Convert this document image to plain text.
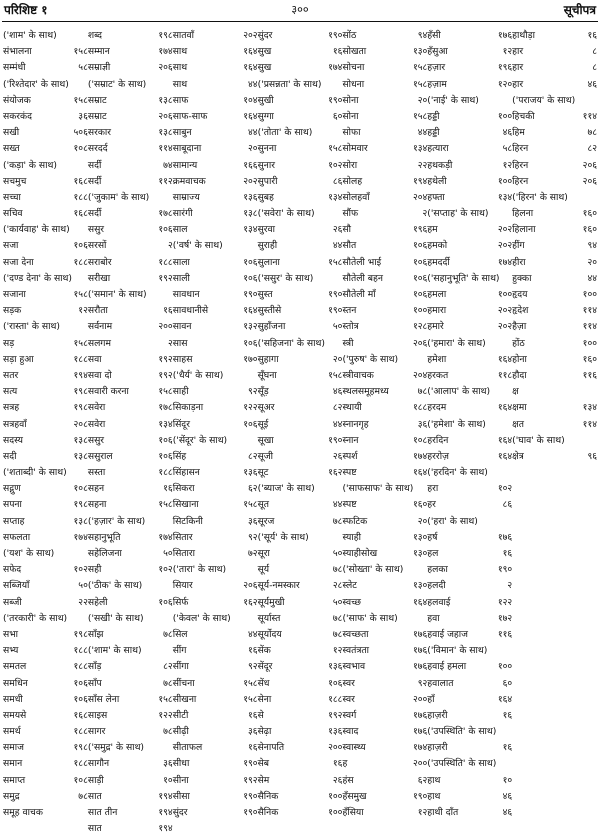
परिशिष्ट १	३००	सूचीपत्र
('शाम' के साथ)
संभालना	१५८
सम्मंधी	५८
('रिश्तेदार' के साथ)
संयोजक	१५८
सकरकंद	३६
सखी	५०६
सख्त	१०८
('कड़ा' के साथ)
सचमुच	१६८
सच्चा	१८८
सचिव	१६८
('कार्यवाह' के साथ)
सजा	१०६
सजा देना	१८८
('दण्ड देना' के साथ)
सजाना	१५८
सड़क	१२
('रास्ता' के साथ)
सड़	१५८
सड़ा हुआ	१८८
सतर	१९४
सत्य	१९८
सत्रह	१९८
सत्रहवाँ	२०८
सदस्य	१३८
सदी	१३८
('शताब्दी' के साथ)
सद्गुण	१०८
सपना	१९८
सप्ताह	१३८
सफलता	१७४
('यश' के साथ)
सफेद	१०२
सब्जियाँ	५०
सब्जी	२२
('तरकारी' के साथ)
सभा	१९८
सभ्य	१८८
समतल	१८८
समधिन	१०६
समधी	१०६
समयसे	१६८
समर्थ	१८८
समाज	१९८
समान	१८८
समाप्त	१०८
समुद्र	७८
समूह वाचक
शब्द	१९८
सम्मान	१७४
सम्राज्ञी	२०६
('सम्राट' के साथ)
सम्राट	१३८
सम्राट	२०६
सरकार	१३८
सरदर्द	११४
सर्दी	७४
सर्दी	११२
('जुकाम' के साथ)
सर्दी	१७८
ससुर	१०६
सरसों	२
सराबोर	१८८
सरीखा	१९२
('समान' के साथ)
सरौता	१६
सर्वनाम	२००
सलगम	२
सवा	१९२
सवा दो	१९२
सवारी करना	१५८
सवेरा	१७८
सवेरा	१३४
ससुर	१०६
ससुराल	१०६
सस्ता	१८८
सहन	१६
सहना	१५८
('हज़ार' के साथ)
सहानुभूति	१७४
सहेलिजना	५०
सही	१०२
('ठीक' के साथ)
सहेली	१०६
('सखी' के साथ)
साँझ	७८
('शाम' के साथ)
साँड़	८२
साँप	७८
साँस लेना	१५८
साइस	१२२
सागर	७८
('समुद्र' के साथ)
सागौन	३६
साड़ी	१०
सात	१९४
सात तीन	१९४
सात	१९४
सातवाँ	२०२
साथ	१६४
साथ	१६४
साथ	४४
साफ	१०४
साफ-साफ	१६४
साबुन	४४
साबूदाना	२०
सामान्य	१६६
क्रमवाचक	२०२
साम्राज्य	१३६
सारंगी	१३८
साल	१३४
('वर्ष' के साथ)
साला	१०६
साली	१०६
सावधान	१९०
सावधानीसे	१६४
सावन	१३२
सास	१०६
साहस	१७०
('धैर्य' के साथ)
साही	९२
सिकाड़ना	१२२
सिंदूर	१०६
('सेंदूर' के साथ)
सिंह	८२
सिंहासन	१३६
सिकरा	६२
सिखाना	१५८
सिटकिनी	३६
सितार	९२
सितारा	७२
('तारा' के साथ)
सियार	२०६
सिर्फ	१६२
('केवल' के साथ)
सिल	४४
सींग	१६
सींगा	९२
सींचना	१५८
सीखना	१५८
सीटी	१६
सीढ़ी	३६
सीताफल	१६
सीधा	१९०
सीना	१९२
सीसा	१९०
सुंदर	१९०
सुंदर	१९०
सुख	१६
सुख	१७४
('प्रसन्नता' के साथ)
सुखी	१९०
सुग्गा	६०
('तोता' के साथ)
सुनना	१५८
सुनार	१०२
सुपारी	८६
सुबह	१३४
('सवेरा' के साथ)
सुरवा	२६
सुराही	४४
सुलाना	१५८
('ससुर' के साथ)
सुस्त	१९०
सुस्तीसे	१९०
सुहाँजना	५०
('सहिजना' के साथ)
सुहागा	२०
सूँघना	१५८
सूँड़	४६
सूअर	८२
सूई	४४
सूखा	१९०
सूजी	२६
सूट	१६२
('ब्याज' के साथ)
सूत	४४
सूरज	७८
('सूर्य' के साथ)
सूरा	५०
सूर्य	७८
सूर्य-नमस्कार	२८
सूर्यमुखी	५०
सूर्यास्त	७८
सूर्योदय	७८
सेंक	१२
सेंदूर	१३६
सेंध	१०६
सेना	१८८
से	१९२
सेढ़ा	१३६
सेनापति	२००
सेब	१६
सेम	२६
सैनिक	१००
सैनिक	१००
सोंठ	९४
सोखता	१३०
सोचना	१५८
सोधना	१५८
सोना	२०
सोना	१५८
सोफा	४४
सोमवार	१३४
सोरा	२२
सोलह	१९४
सोलहवाँ	२०४
सौंफ	२
सौ	१९६
सौत	१०६
सौतेली भाई	१०६
सौतेली बहन	१०६
सौतेली माँ	१०६
स्तन	१००
स्तोत्र	१२८
स्त्री	२०६
('पुरुष' के साथ)
स्त्रीवाचक	२०४
स्थलसमूहमध्य	७८
स्थायी	१८८
स्नानगृह	३६
स्नान	१०८
स्पर्श	१७४
स्पष्ट	१६४
('साफसाफ' के साथ)
स्पष्ट	१६०
स्फटिक	२०
स्याही	१३०
स्याहीसोख	१३०
('सोख्ता' के साथ)
स्लेट	१३०
स्वच्छ	१६४
('साफ' के साथ)
स्वच्छता	१७६
स्वतंत्रता	१७६
स्वभाव	१७६
स्वर	९२
स्वर	२००
स्वर्ग	१७६
स्वाद	१७६
स्वास्थ्य	१७४
ह	२००
हंस	६२
हँसमुख	१९०
हँसिया	१२
हँसी	१७६
हँसुआ	१२
हज़ार	१९६
हज़ाम	१२०
('नाई' के साथ)
हड्डी	१००
हड्डी	४६
हत्यारा	५८
हथकड़ी	१२
हथेली	१००
हफ्ता	१३४
('सप्ताह' के साथ)
हम	२०२
हमको	२०२
हमदर्दी	१७४
('सहानुभूति' के साथ)
हमला	१००
हमारा	२०२
हमारे	२०२
('हमारा' के साथ)
हमेशा	१६४
हरकत	११८
('आलाप' के साथ)
हरदम	१६४
('हमेशा' के साथ)
हरदिन	१६४
हररोज़	१६४
('हरदिन' के साथ)
हरा	१०२
हर	८६
('हरा' के साथ)
हर्ष	१७६
हल	१६
हलका	१९०
हलदी	२
हलवाई	१२२
हवा	१७२
हवाई जहाज	११६
('विमान' के साथ)
हवाई हमला	१००
हवालात	६०
हाँ	१६४
हाज़री	१६
('उपस्थिति' के साथ)
हाज़री	१६
('उपस्थिति' के साथ)
हाथ	१०
हाथ	४६
हाथी दाँत	४६
हाथौड़ा	१६
हार	८
हार	८
हार	४६
('पराजय' के साथ)
हिचकी	११४
हिम	७८
हिरन	८२
हिरन	२०६
हिरन	२०६
('हिरन' के साथ)
हिलना	१६०
हिलाना	१६०
हींग	९४
हीरा	२०
हुक्का	४४
हृदय	१००
हृदेश	११४
हैज़ा	११४
होंठ	१००
होना	१६०
हौदा	११६
क्ष
क्षमा	१३४
क्षत	११४
('घाव' के साथ)
क्षेत्र	९६
